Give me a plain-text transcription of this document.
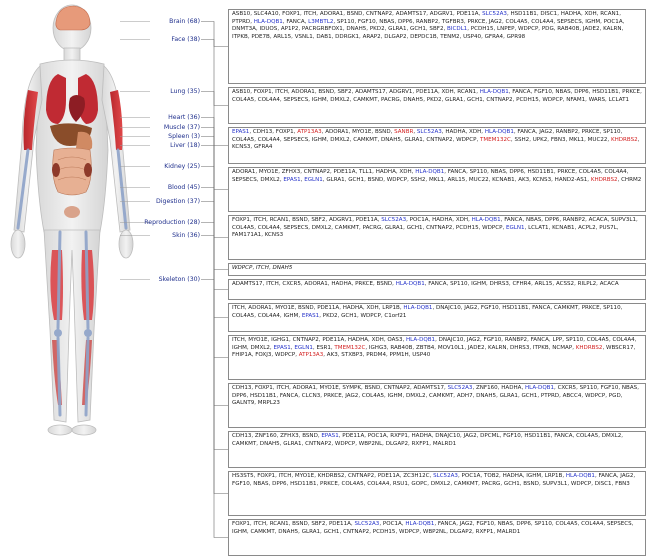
Brain (68)
Face (38)
Lung (35)
Heart (36)
Muscle (37)
Spleen (3)
Liver (18)
Kidney (25)
Blood (45)
Digestion (37)
Reproduction (28)
Skin (36)
Skeleton (30)
ASB10, SLC4A10, FOXP1, ITCH, ADORA1, BSND, CNTNAP2, ADAMTS17, ADGRV1, PDE11A, SLC52A3, HSD11B1, DISC1, HADHA, XDH, RCAN1, PTPRD, HLA-DQB1, FANCA, L3MBTL2, SP110, FGF10, NBAS, DPP6, RANBP2, TGFBR3, PRKCE, JAG2, COL4A5, COL4A4, SEPSECS, IGHM, POC1A, DNMT3A, IDUOS, AP1P2, PACRGRBFOX1, DNAH5, PKD2, GLRA1, GCH1, SBF2, BICDL1, PCDH15, LNPEP, WDPCP, PDG, RAB40B, JADE2, KALRN, ITPKB, PDE7B, ARL15, VSNL1, DAB1, DDRGK1, ARAP2, DLGAP2, DEPDC1B, TENM2, USP40, GFRA4, GPR98
ASB10, FOXP1, ITCH, ADORA1, BSND, SBF2, ADAMTS17, ADGRV1, PDE11A, XDH, RCAN1, HLA-DQB1, FANCA, FGF10, NBAS, DPP6, HSD11B1, PRKCE, COL4A5, COL4A4, SEPSECS, IGHM, DMXL2, CAMKMT, PACRG, DNAH5, PKD2, GLRA1, GCH1, CNTNAP2, PCDH15, WDPCP, NFAM1, WARS, LCLAT1
EPAS1, CDH13, FOXP1, ATP13A3, ADORA1, MYO1E, BSND, SANBR, SLC52A3, HADHA, XDH, HLA-DQB1, FANCA, JAG2, RANBP2, PRKCE, SP110, COL4A5, COL4A4, SEPSECS, IGHM, DMXL2, CAMKMT, DNAH5, GLRA1, CNTNAP2, WDPCP, TMEM132C, SSH2, UPK2, FBN3, MKL1, MUC22, KHDRBS2, KCNS3, GFRA4
ADORA1, MYO1E, ZFHX3, CNTNAP2, PDE11A, TLL1, HADHA, XDH, HLA-DQB1, FANCA, SP110, NBAS, DPP6, HSD11B1, PRKCE, COL4A5, COL4A4, SEPSECS, DMXL2, EPAS1, EGLN1, GLRA1, GCH1, BSND, WDPCP, SSH2, MKL1, ARL15, MUC22, KCNAB1, AK3, KCNS3, HAND2-AS1, KHDRBS2, CHRM2
FOXP1, ITCH, RCAN1, BSND, SBF2, ADGRV1, PDE11A, SLC52A3, POC1A, HADHA, XDH, HLA-DQB1, FANCA, NBAS, DPP6, RANBP2, ACACA, SUPV3L1, COL4A5, COL4A4, SEPSECS, DMXL2, CAMKMT, PACRG, GLRA1, GCH1, CNTNAP2, PCDH15, WDPCP, EGLN1, LCLAT1, KCNAB1, ACPL2, PUS7L, FAM171A1, KCNS3
WDPCP, ITCH, DNAH5
ADAMTS17, ITCH, CXCR5, ADORA1, HADHA, PRKCE, BSND, HLA-DQB1, FANCA, SP110, IGHM, DHRS3, CFHR4, ARL15, ACSS2, RILPL2, ACACA
ITCH, ADORA1, MYO1E, BSND, PDE11A, HADHA, XDH, LRP1B, HLA-DQB1, DNAJC10, JAG2, FGF10, HSD11B1, FANCA, CAMKMT, PRKCE, SP110, COL4A5, COL4A4, IGHM, EPAS1, PKD2, GCH1, WDPCP, C1orf21
ITCH, MYO1E, IGHG1, CNTNAP2, PDE11A, HADHA, XDH, OAS3, HLA-DQB1, DNAJC10, JAG2, FGF10, RANBP2, FANCA, LPP, SP110, COL4A5, COL4A4, IGHM, DMXL2, EPAS1, EGLN1, ESR1, TMEM132C, IGHG3, RAB40B, ZBTB4, MOV10L1, JADE2, KALRN, DHRS3, ITPKB, NCMAP, KHDRBS2, WBSCR17, FHIP1A, FOXJ3, WDPCP, ATP13A3, AK3, STXBP3, PRDM4, PPM1H, USP40
CDH13, FOXP1, ITCH, ADORA1, MYO1E, SYMPK, BSND, CNTNAP2, ADAMTS17, SLC52A3, ZNF160, HADHA, HLA-DQB1, CXCR5, SP110, FGF10, NBAS, DPP6, HSD11B1, FANCA, CLCN3, PRKCE, JAG2, COL4A5, IGHM, DMXL2, CAMKMT, ADH7, DNAH5, GLRA1, GCH1, PTPRD, ABCC4, WDPCP, PGD, GALNT9, MRPL23
CDH13, ZNF160, ZFHX3, BSND, EPAS1, PDE11A, POC1A, RXFP1, HADHA, DNAJC10, JAG2, DPCML, FGF10, HSD11B1, FANCA, COL4A5, DMXL2, CAMKMT, DNAH5, GLRA1, CNTNAP2, WDPCP, WBP2NL, DLGAP2, RXFP1, MALRD1
HS3ST5, FOXP1, ITCH, MYO1E, KHDRBS2, CNTNAP2, PDE11A, ZC3H12C, SLC52A3, POC1A, TOB2, HADHA, IGHM, LRP1B, HLA-DQB1, FANCA, JAG2, FGF10, NBAS, DPP6, HSD11B1, PRKCE, COL4A5, COL4A4, RSU1, GOPC, DMXL2, CAMKMT, PACRG, GCH1, BSND, SUPV3L1, WDPCP, DISC1, FBN3
FOXP1, ITCH, RCAN1, BSND, SBF2, PDE11A, SLC52A3, POC1A, HLA-DQB1, FANCA, JAG2, FGF10, NBAS, DPP6, SP110, COL4A5, COL4A4, SEPSECS, IGHM, CAMKMT, DNAH5, GLRA1, GCH1, CNTNAP2, PCDH15, WDPCP, WBP2NL, DLGAP2, RXFP1, MALRD1
